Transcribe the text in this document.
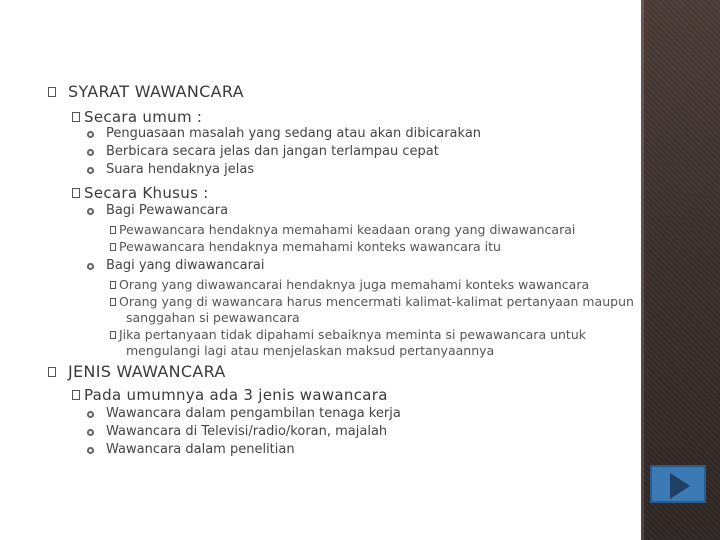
SYARAT WAWANCARA
Secara umum :
Penguasaan masalah yang sedang atau akan dibicarakan
Berbicara secara jelas dan jangan terlampau cepat
Suara hendaknya jelas
Secara Khusus :
Bagi Pewawancara
Pewawancara hendaknya memahami keadaan orang yang diwawancarai
Pewawancara hendaknya memahami konteks wawancara itu
Bagi yang diwawancarai
Orang yang diwawancarai hendaknya juga memahami konteks wawancara
Orang yang di wawancara harus mencermati kalimat-kalimat pertanyaan maupun
sanggahan si pewawancara
Jika pertanyaan tidak dipahami sebaiknya meminta si pewawancara untuk
mengulangi lagi atau menjelaskan maksud pertanyaannya
JENIS WAWANCARA
Pada umumnya ada 3 jenis wawancara
Wawancara dalam pengambilan tenaga kerja
Wawancara di Televisi/radio/koran, majalah
Wawancara dalam penelitian
